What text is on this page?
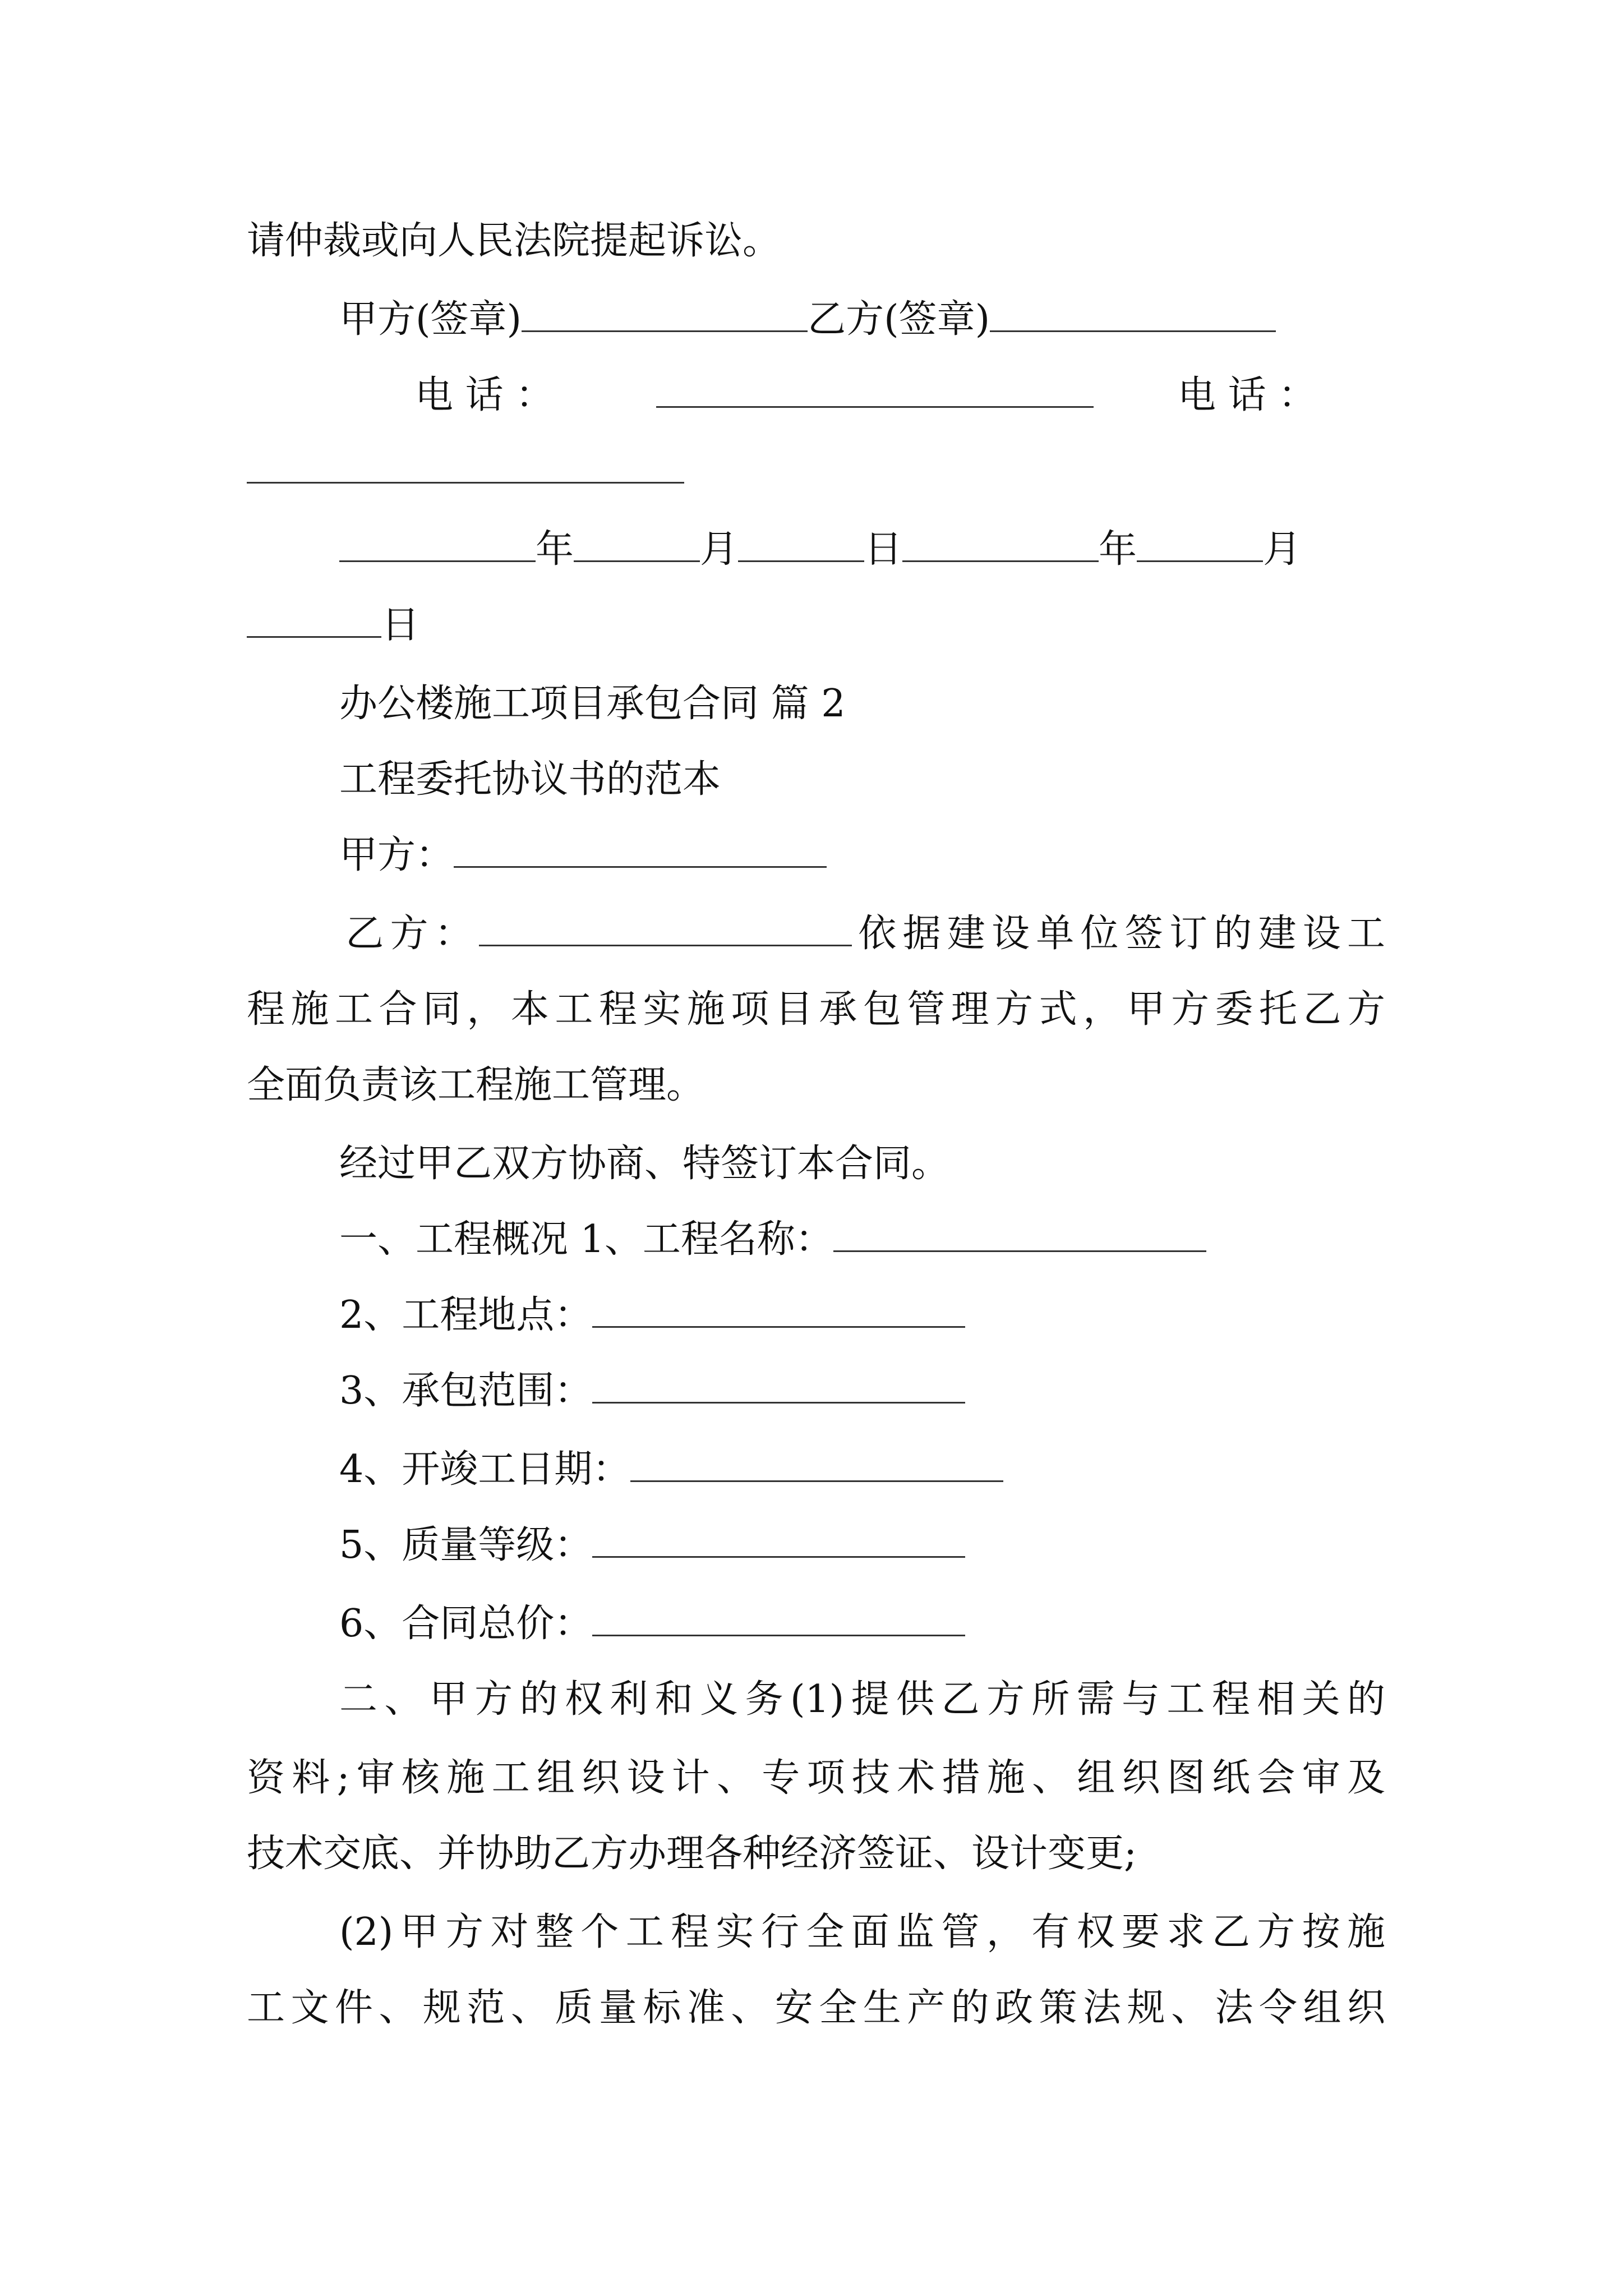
请仲裁或向人民法院提起诉讼。
甲方(签章)	乙方(签章)
电 话 ：	电 话 ：
年	月	日	年	月
日
办公楼施工项目承包合同 篇 2
工程委托协议书的范本
甲方：
乙方：	依据建设单位签订的建设工
程施工合同，本工程实施项目承包管理方式，甲方委托乙方
全面负责该工程施工管理。
经过甲乙双方协商、特签订本合同。
一、工程概况 1、工程名称：
2、工程地点：
3、承包范围：
4、开竣工日期：
5、质量等级：
6、合同总价：
二、甲方的权利和义务(1)提供乙方所需与工程相关的
资料;审核施工组织设计、专项技术措施、组织图纸会审及
技术交底、并协助乙方办理各种经济签证、设计变更;
(2)甲方对整个工程实行全面监管，有权要求乙方按施
工文件、规范、质量标准、安全生产的政策法规、法令组织
